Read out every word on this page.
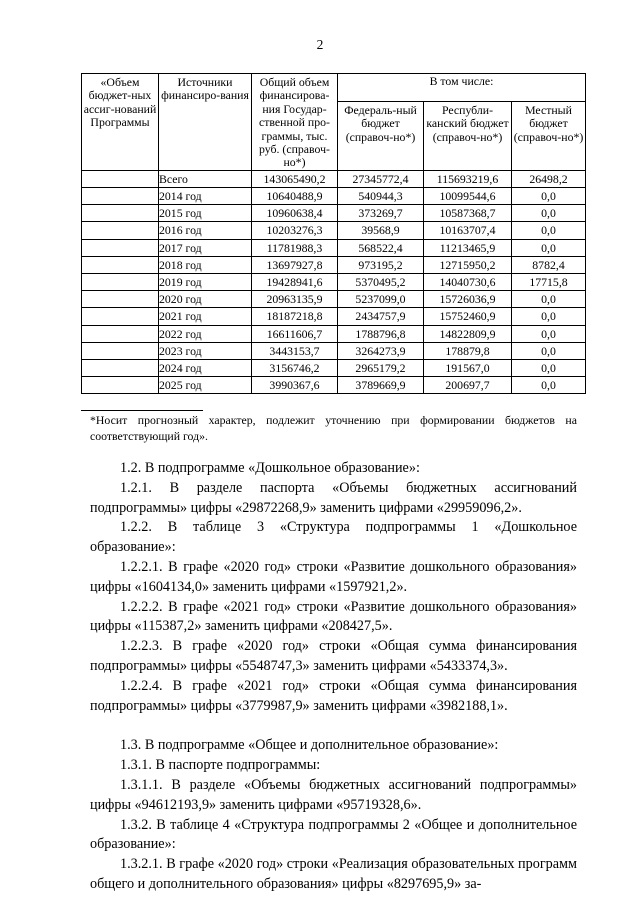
2
«Объем бюджет-ных ассиг-нований Программы	Источники финансиро-вания	Общий объем финансирова-ния Государ-ственной про-граммы, тыс. руб. (справоч-но*)	В том числе:		
			Федераль-ный бюджет (справоч-но*)	Республи-канский бюджет (справоч-но*)	Местный бюджет (справоч-но*)
	Всего	143065490,2	27345772,4	115693219,6	26498,2
	2014 год	10640488,9	540944,3	10099544,6	0,0
	2015 год	10960638,4	373269,7	10587368,7	0,0
	2016 год	10203276,3	39568,9	10163707,4	0,0
	2017 год	11781988,3	568522,4	11213465,9	0,0
	2018 год	13697927,8	973195,2	12715950,2	8782,4
	2019 год	19428941,6	5370495,2	14040730,6	17715,8
	2020 год	20963135,9	5237099,0	15726036,9	0,0
	2021 год	18187218,8	2434757,9	15752460,9	0,0
	2022 год	16611606,7	1788796,8	14822809,9	0,0
	2023 год	3443153,7	3264273,9	178879,8	0,0
	2024 год	3156746,2	2965179,2	191567,0	0,0
	2025 год	3990367,6	3789669,9	200697,7	0,0
*Носит прогнозный характер, подлежит уточнению при формировании бюджетов на соответствующий год».

1.2. В подпрограмме «Дошкольное образование»:

1.2.1. В разделе паспорта «Объемы бюджетных ассигнований подпрограммы» цифры «29872268,9» заменить цифрами «29959096,2».

1.2.2. В таблице 3 «Структура подпрограммы 1 «Дошкольное образование»:

1.2.2.1. В графе «2020 год» строки «Развитие дошкольного образования» цифры «1604134,0» заменить цифрами «1597921,2».

1.2.2.2. В графе «2021 год» строки «Развитие дошкольного образования» цифры «115387,2» заменить цифрами «208427,5».

1.2.2.3. В графе «2020 год» строки «Общая сумма финансирования подпрограммы» цифры «5548747,3» заменить цифрами «5433374,3».

1.2.2.4. В графе «2021 год» строки «Общая сумма финансирования подпрограммы» цифры «3779987,9» заменить цифрами «3982188,1».

1.3. В подпрограмме «Общее и дополнительное образование»:

1.3.1. В паспорте подпрограммы:

1.3.1.1. В разделе «Объемы бюджетных ассигнований подпрограммы» цифры «94612193,9» заменить цифрами «95719328,6».

1.3.2. В таблице 4 «Структура подпрограммы 2 «Общее и дополнительное образование»:

1.3.2.1. В графе «2020 год» строки «Реализация образовательных программ общего и дополнительного образования» цифры «8297695,9» за-
